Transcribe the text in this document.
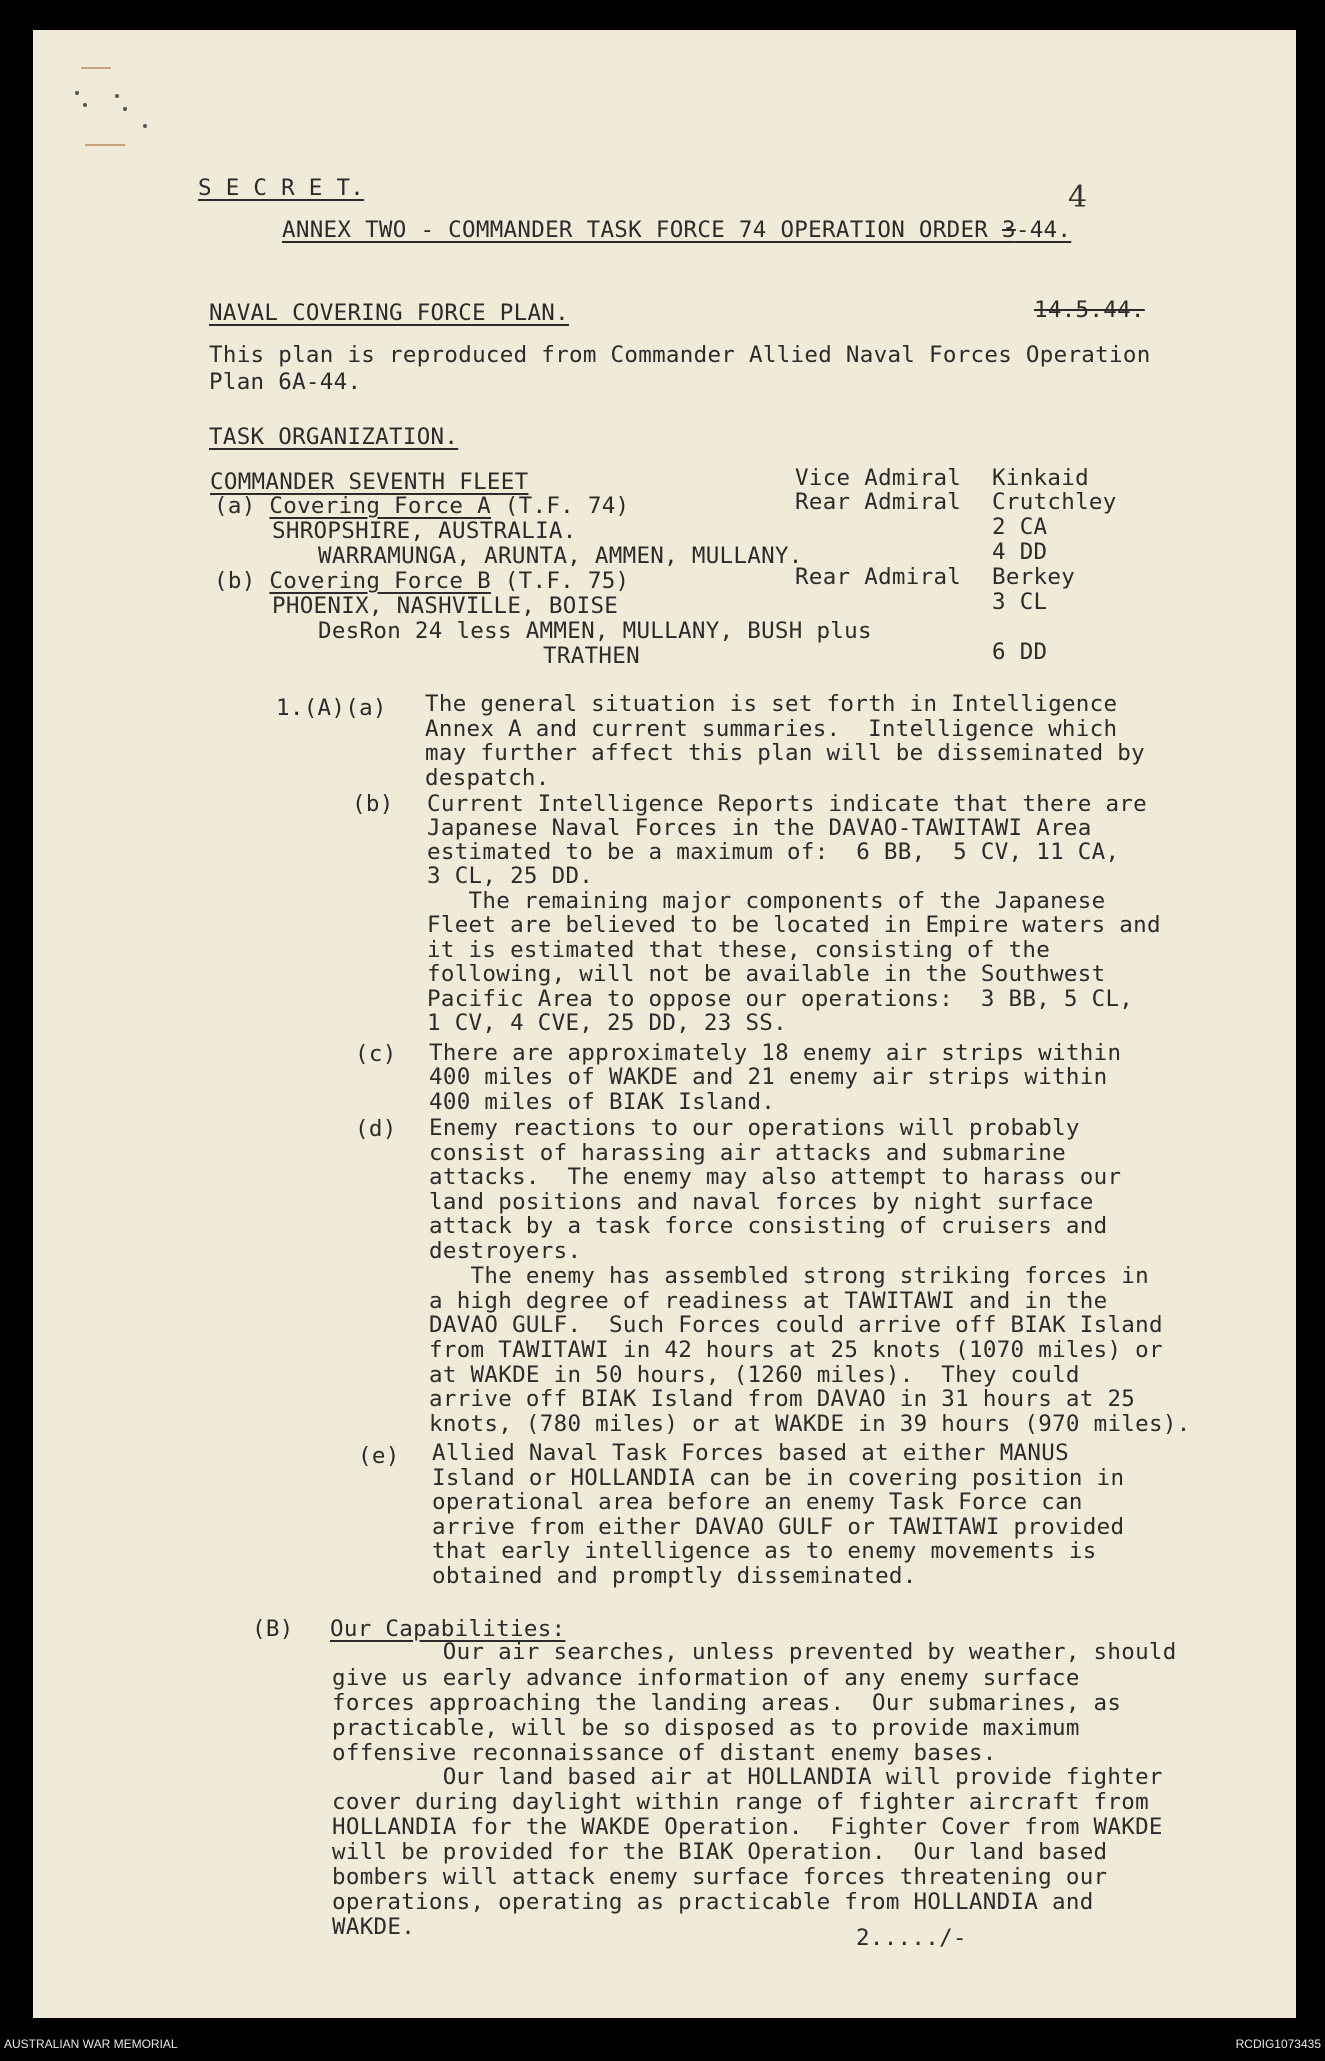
S E C R E T.	4

ANNEX TWO - COMMANDER TASK FORCE 74 OPERATION ORDER 3-44.

NAVAL COVERING FORCE PLAN.	14.5.44.

This plan is reproduced from Commander Allied Naval Forces Operation

Plan 6A-44.

TASK ORGANIZATION.

COMMANDER SEVENTH FLEET	Vice Admiral Kinkaid

(a) Covering Force A (T.F. 74)	Rear Admiral Crutchley

SHROPSHIRE, AUSTRALIA.	2 CA

WARRAMUNGA, ARUNTA, AMMEN, MULLANY.	4 DD

(b) Covering Force B (T.F. 75)	Rear Admiral Berkey

PHOENIX, NASHVILLE, BOISE	3 CL

DesRon 24 less AMMEN, MULLANY, BUSH plus

TRATHEN	6 DD

1.(A)(a) The general situation is set forth in Intelligence

Annex A and current summaries.  Intelligence which

may further affect this plan will be disseminated by

despatch.

(b) Current Intelligence Reports indicate that there are

Japanese Naval Forces in the DAVAO-TAWITAWI Area

estimated to be a maximum of:  6 BB,  5 CV, 11 CA,

3 CL, 25 DD.

The remaining major components of the Japanese

Fleet are believed to be located in Empire waters and

it is estimated that these, consisting of the

following, will not be available in the Southwest

Pacific Area to oppose our operations:  3 BB, 5 CL,

1 CV, 4 CVE, 25 DD, 23 SS.

(c) There are approximately 18 enemy air strips within

400 miles of WAKDE and 21 enemy air strips within

400 miles of BIAK Island.

(d) Enemy reactions to our operations will probably

consist of harassing air attacks and submarine

attacks.  The enemy may also attempt to harass our

land positions and naval forces by night surface

attack by a task force consisting of cruisers and

destroyers.

The enemy has assembled strong striking forces in

a high degree of readiness at TAWITAWI and in the

DAVAO GULF.  Such Forces could arrive off BIAK Island

from TAWITAWI in 42 hours at 25 knots (1070 miles) or

at WAKDE in 50 hours, (1260 miles).  They could

arrive off BIAK Island from DAVAO in 31 hours at 25

knots, (780 miles) or at WAKDE in 39 hours (970 miles).

(e) Allied Naval Task Forces based at either MANUS

Island or HOLLANDIA can be in covering position in

operational area before an enemy Task Force can

arrive from either DAVAO GULF or TAWITAWI provided

that early intelligence as to enemy movements is

obtained and promptly disseminated.

(B) Our Capabilities:

Our air searches, unless prevented by weather, should

give us early advance information of any enemy surface

forces approaching the landing areas.  Our submarines, as

practicable, will be so disposed as to provide maximum

offensive reconnaissance of distant enemy bases.

Our land based air at HOLLANDIA will provide fighter

cover during daylight within range of fighter aircraft from

HOLLANDIA for the WAKDE Operation.  Fighter Cover from WAKDE

will be provided for the BIAK Operation.  Our land based

bombers will attack enemy surface forces threatening our

operations, operating as practicable from HOLLANDIA and

WAKDE.	2...../-

AUSTRALIAN WAR MEMORIAL	RCDIG1073435
